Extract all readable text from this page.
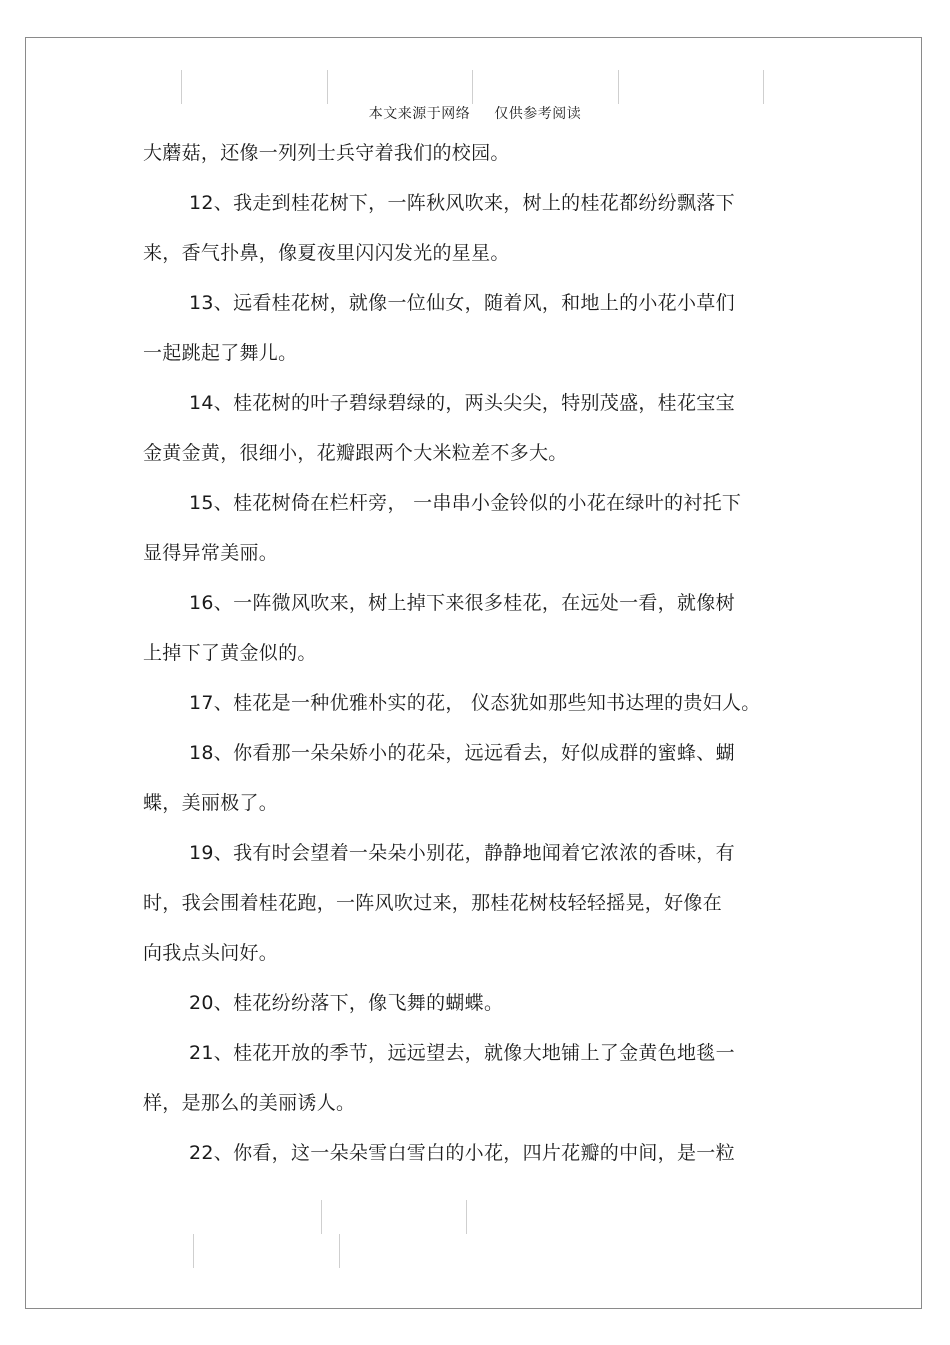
本文来源于网络 仅供参考阅读
大蘑菇，还像一列列士兵守着我们的校园。
12、我走到桂花树下，一阵秋风吹来，树上的桂花都纷纷飘落下
来，香气扑鼻，像夏夜里闪闪发光的星星。
13、远看桂花树，就像一位仙女，随着风，和地上的小花小草们
一起跳起了舞儿。
14、桂花树的叶子碧绿碧绿的，两头尖尖，特别茂盛，桂花宝宝
金黄金黄，很细小，花瓣跟两个大米粒差不多大。
15、桂花树倚在栏杆旁， 一串串小金铃似的小花在绿叶的衬托下
显得异常美丽。
16、一阵微风吹来，树上掉下来很多桂花，在远处一看，就像树
上掉下了黄金似的。
17、桂花是一种优雅朴实的花， 仪态犹如那些知书达理的贵妇人。
18、你看那一朵朵娇小的花朵，远远看去，好似成群的蜜蜂、蝴
蝶，美丽极了。
19、我有时会望着一朵朵小别花，静静地闻着它浓浓的香味，有
时，我会围着桂花跑，一阵风吹过来，那桂花树枝轻轻摇晃，好像在
向我点头问好。
20、桂花纷纷落下，像飞舞的蝴蝶。
21、桂花开放的季节，远远望去，就像大地铺上了金黄色地毯一
样，是那么的美丽诱人。
22、你看，这一朵朵雪白雪白的小花，四片花瓣的中间，是一粒
